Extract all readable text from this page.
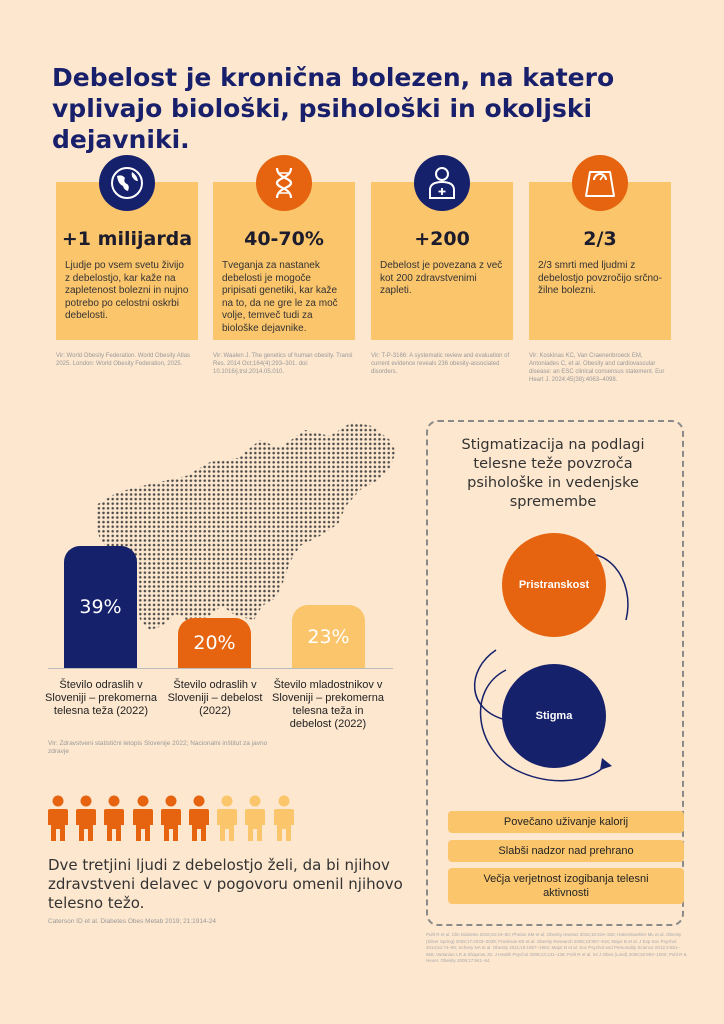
Debelost je kronična bolezen, na katero vplivajo biološki, psihološki in okoljski dejavniki.
+1 milijarda
Ljudje po vsem svetu živijo z debelostjo, kar kaže na zapletenost bolezni in nujno potrebo po celostni oskrbi debelosti.
40-70%
Tveganja za nastanek debelosti je mogoče pripisati genetiki, kar kaže na to, da ne gre le za moč volje, temveč tudi za biološke dejavnike.
+200
Debelost je povezana z več kot 200 zdravstvenimi zapleti.
2/3
2/3 smrti med ljudmi z debelostjo povzročijo srčno-žilne bolezni.
Vir: World Obesity Federation. World Obesity Atlas 2025. London: World Obesity Federation, 2025.
Vir: Waalen J. The genetics of human obesity. Transl Res. 2014 Oct;164(4):293–301. doi: 10.1016/j.trsl.2014.05.010.
Vir: T-P-3166: A systematic review and evaluation of current evidence reveals 236 obesity-associated disorders.
Vir: Koskinas KC, Van Craenenbroeck EM, Antoniades C, et al. Obesity and cardiovascular disease: an ESC clinical consensus statement. Eur Heart J. 2024;45(38):4063–4098.
39%
20%	23%
Število odraslih v Sloveniji – prekomerna telesna teža (2022)
Število odraslih v Sloveniji – debelost (2022)
Število mladostnikov v Sloveniji – prekomerna telesna teža in debelost (2022)
Vir: Zdravstveni statistični letopis Slovenije 2022; Nacionalni inštitut za javno zdravje
Dve tretjini ljudi z debelostjo želi, da bi njihov zdravstveni delavec v pogovoru omenil njihovo telesno težo.
Caterson ID et al. Diabetes Obes Metab 2019; 21:1914-24
Stigmatizacija na podlagi telesne teže povzroča psihološke in vedenjske spremembe
Pristranskost
Stigma
Povečano uživanje kalorij
Slabši nadzor nad prehrano
Večja verjetnost izogibanja telesni aktivnosti
Puhl R et al. Clin Diabetes 2016;34:44–50; Phelan SM et al. Obesity reviews 2015;16:319–326; Hatzenbuehler ML et al. Obesity (Silver Spring) 2009;17:2033–2039; Friedman KE et al. Obesity Research 2005;13:907–916; Major B et al. J Exp Soc Psychol 2014;51:74–80; Schvey NA et al. Obesity 2011;19:1957–1962; Major B et al. Soc Psychol and Personality Science 2012;3:651–658; Vartanian LR & Shaprow JG. J Health Psychol 2008;13:131–138; Puhl R et al. Int J Obes (Lond) 2008;32:992–1000; Puhl R & Heuer. Obesity 2009;17:941–64.
